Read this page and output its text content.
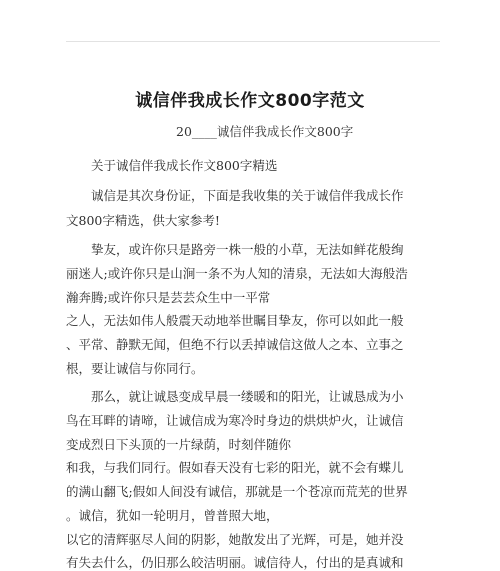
诚信伴我成长作文800字范文
20____诚信伴我成长作文800字
关于诚信伴我成长作文800字精选
诚信是其次身份证，下面是我收集的关于诚信伴我成长作
文800字精选，供大家参考!
挚友，或许你只是路旁一株一般的小草，无法如鲜花般绚
丽迷人;或许你只是山涧一条不为人知的清泉，无法如大海般浩
瀚奔腾;或许你只是芸芸众生中一平常
之人，无法如伟人般震天动地举世瞩目挚友，你可以如此一般
、平常、静默无闻，但绝不行以丢掉诚信这做人之本、立事之
根，要让诚信与你同行。
那么，就让诚恳变成早晨一缕暖和的阳光，让诚恳成为小
鸟在耳畔的请啼，让诚信成为寒冷时身边的烘烘炉火，让诚信
变成烈日下头顶的一片绿荫，时刻伴随你
和我，与我们同行。假如春天没有七彩的阳光，就不会有蝶儿
的满山翻飞;假如人间没有诚信，那就是一个苍凉而荒芜的世界
。诚信，犹如一轮明月，曾普照大地，
以它的清辉驱尽人间的阴影，她散发出了光辉，可是，她并没
有失去什么，仍旧那么皎洁明丽。诚信待人，付出的是真诚和
